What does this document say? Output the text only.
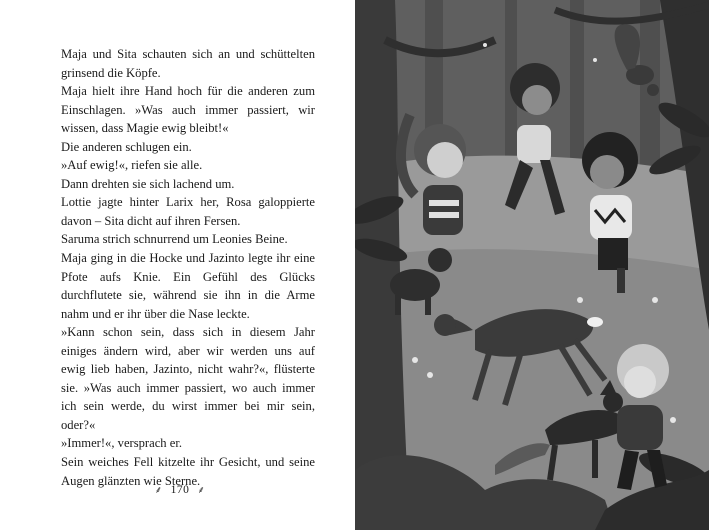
Maja und Sita schauten sich an und schüttelten grinsend die Köpfe.

Maja hielt ihre Hand hoch für die anderen zum Einschlagen. »Was auch immer passiert, wir wissen, dass Magie ewig bleibt!«

Die anderen schlugen ein.

»Auf ewig!«, riefen sie alle.

Dann drehten sie sich lachend um.

Lottie jagte hinter Larix her, Rosa galoppierte davon – Sita dicht auf ihren Fersen.

Saruma strich schnurrend um Leonies Beine.

Maja ging in die Hocke und Jazinto legte ihr eine Pfote aufs Knie. Ein Gefühl des Glücks durchflutete sie, während sie ihn in die Arme nahm und er ihr über die Nase leckte.

»Kann schon sein, dass sich in diesem Jahr einiges ändern wird, aber wir werden uns auf ewig lieb haben, Jazinto, nicht wahr?«, flüsterte sie. »Was auch immer passiert, wo auch immer ich sein werde, du wirst immer bei mir sein, oder?«

»Immer!«, versprach er.

Sein weiches Fell kitzelte ihr Gesicht, und seine Augen glänzten wie Sterne.

⸙ 170 ⸙
